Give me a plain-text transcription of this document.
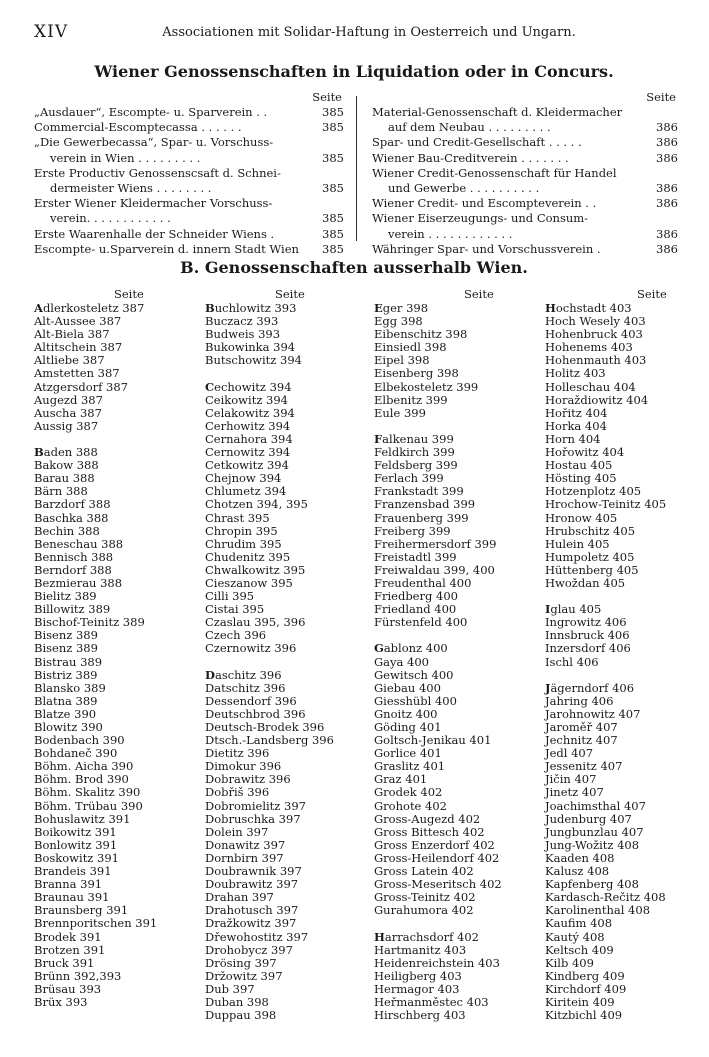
XIV	Associationen mit Solidar-Haftung in Oesterreich und Ungarn.
Wiener Genossenschaften in Liquidation oder in Concurs.
Seite
„Ausdauer“, Escompte- u. Sparverein . .	385
Commercial-Escomptecassa . . . . . .	385
„Die Gewerbecassa“, Spar- u. Vorschuss-
verein in Wien . . . . . . . . .	385
Erste Productiv Genossenscsaft d. Schnei-
dermeister Wiens . . . . . . . .	385
Erster Wiener Kleidermacher Vorschuss-
verein. . . . . . . . . . . .	385
Erste Waarenhalle der Schneider Wiens .	385
Escompte- u.Sparverein d. innern Stadt Wien	385
Seite
Material-Genossenschaft d. Kleidermacher
auf dem Neubau . . . . . . . . .	386
Spar- und Credit-Gesellschaft . . . . .	386
Wiener Bau-Creditverein . . . . . . .	386
Wiener Credit-Genossenschaft für Handel
und Gewerbe . . . . . . . . . .	386
Wiener Credit- und Escompteverein . .	386
Wiener Eiserzeugungs- und Consum-
verein . . . . . . . . . . . .	386
Währinger Spar- und Vorschussverein .	386
B. Genossenschaften ausserhalb Wien.
Seite
Adlerkosteletz 387
Alt-Aussee 387
Alt-Biela 387
Altitschein 387
Altliebe 387
Amstetten 387
Atzgersdorf 387
Augezd 387
Auscha 387
Aussig 387
Baden 388
Bakow 388
Barau 388
Bärn 388
Barzdorf 388
Baschka 388
Bechin 388
Beneschau 388
Bennisch 388
Berndorf 388
Bezmierau 388
Bielitz 389
Billowitz 389
Bischof-Teinitz 389
Bisenz 389
Bisenz 389
Bistrau 389
Bistriz 389
Blansko 389
Blatna 389
Blatze 390
Blowitz 390
Bodenbach 390
Bohdaneč 390
Böhm. Aicha 390
Böhm. Brod 390
Böhm. Skalitz 390
Böhm. Trübau 390
Bohuslawitz 391
Boikowitz 391
Bonlowitz 391
Boskowitz 391
Brandeis 391
Branna 391
Braunau 391
Braunsberg 391
Brennporitschen 391
Brodek 391
Brotzen 391
Bruck 391
Brünn 392,393
Brüsau 393
Brüx 393
Seite
Buchlowitz 393
Buczacz 393
Budweis 393
Bukowinka 394
Butschowitz 394
Cechowitz 394
Ceikowitz 394
Celakowitz 394
Cerhowitz 394
Cernahora 394
Cernowitz 394
Cetkowitz 394
Chejnow 394
Chlumetz 394
Chotzen 394, 395
Chrast 395
Chropin 395
Chrudim 395
Chudenitz 395
Chwalkowitz 395
Cieszanow 395
Cilli 395
Cistai 395
Czaslau 395, 396
Czech 396
Czernowitz 396
Daschitz 396
Datschitz 396
Dessendorf 396
Deutschbrod 396
Deutsch-Brodek 396
Dtsch.-Landsberg 396
Dietitz 396
Dimokur 396
Dobrawitz 396
Dobřiš 396
Dobromielitz 397
Dobruschka 397
Dolein 397
Donawitz 397
Dornbirn 397
Doubrawnik 397
Doubrawitz 397
Drahan 397
Drahotusch 397
Dražkowitz 397
Dřewohostitz 397
Drohobycz 397
Drösing 397
Držowitz 397
Dub 397
Duban 398
Duppau 398
Seite
Eger 398
Egg 398
Eibenschitz 398
Einsiedl 398
Eipel 398
Eisenberg 398
Elbekosteletz 399
Elbenitz 399
Eule 399
Falkenau 399
Feldkirch 399
Feldsberg 399
Ferlach 399
Frankstadt 399
Franzensbad 399
Frauenberg 399
Freiberg 399
Freihermersdorf 399
Freistadtl 399
Freiwaldau 399, 400
Freudenthal 400
Friedberg 400
Friedland 400
Fürstenfeld 400
Gablonz 400
Gaya 400
Gewitsch 400
Giebau 400
Giesshübl 400
Gnoitz 400
Göding 401
Goltsch-Jenikau 401
Gorlice 401
Graslitz 401
Graz 401
Grodek 402
Grohote 402
Gross-Augezd 402
Gross Bittesch 402
Gross Enzerdorf 402
Gross-Heilendorf 402
Gross Latein 402
Gross-Meseritsch 402
Gross-Teinitz 402
Gurahumora 402
Harrachsdorf 402
Hartmanitz 403
Heidenreichstein 403
Heiligberg 403
Hermagor 403
Heřmanměstec 403
Hirschberg 403
Seite
Hochstadt 403
Hoch Wesely 403
Hohenbruck 403
Hohenems 403
Hohenmauth 403
Holitz 403
Holleschau 404
Horaždiowitz 404
Hořitz 404
Horka 404
Horn 404
Hořowitz 404
Hostau 405
Hösting 405
Hotzenplotz 405
Hrochow-Teinitz 405
Hronow 405
Hrubschitz 405
Hulein 405
Humpoletz 405
Hüttenberg 405
Hwoždan 405
Iglau 405
Ingrowitz 406
Innsbruck 406
Inzersdorf 406
Ischl 406
Jägerndorf 406
Jahring 406
Jarohnowitz 407
Jaroměř 407
Jechnitz 407
Jedl 407
Jessenitz 407
Jičin 407
Jinetz 407
Joachimsthal 407
Judenburg 407
Jungbunzlau 407
Jung-Wožitz 408
Kaaden 408
Kalusz 408
Kapfenberg 408
Kardasch-Rečitz 408
Karolinenthal 408
Kaufim 408
Kautý 408
Keltsch 409
Kilb 409
Kindberg 409
Kirchdorf 409
Kiritein 409
Kitzbichl 409
